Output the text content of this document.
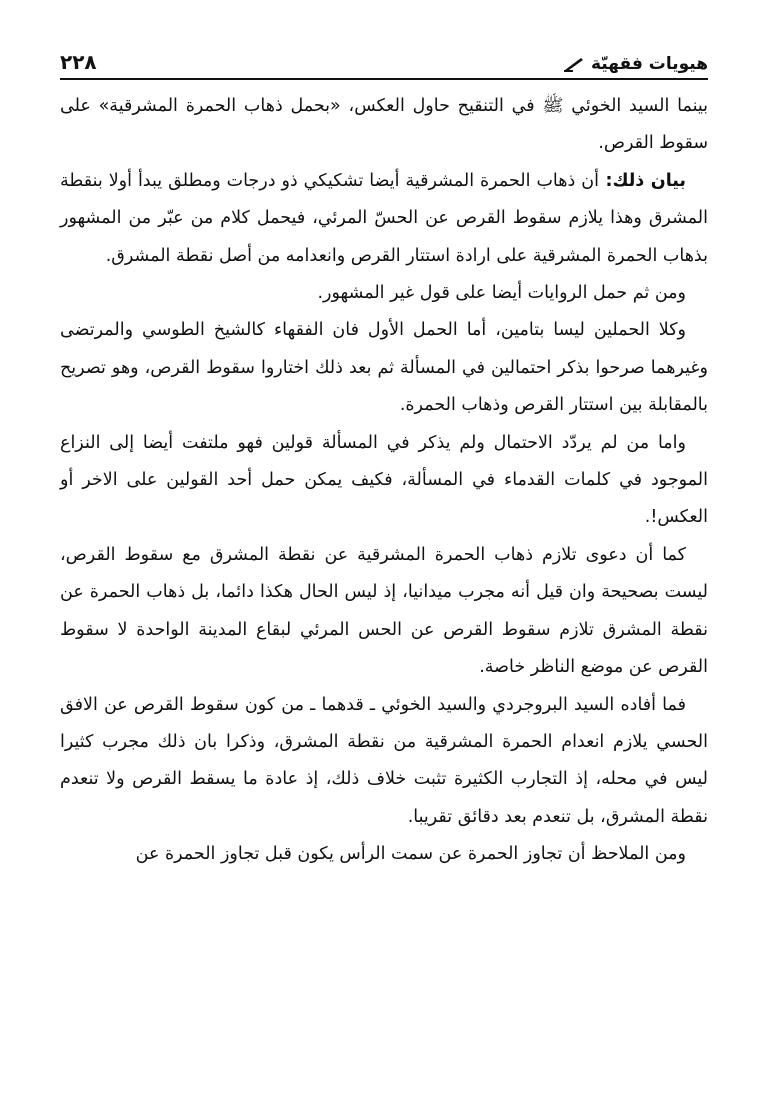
٢٢٨	هيويات فقهيّة

بينما السيد الخوئي ﷺ في التنقيح حاول العكس، «بحمل ذهاب الحمرة المشرقية» على سقوط القرص.

بيان ذلك: أن ذهاب الحمرة المشرقية أيضا تشكيكي ذو درجات ومطلق يبدأ أولا بنقطة المشرق وهذا يلازم سقوط القرص عن الحسّ المرئي، فيحمل كلام من عبّر من المشهور بذهاب الحمرة المشرقية على ارادة استتار القرص وانعدامه من أصل نقطة المشرق.

ومن ثم حمل الروايات أيضا على قول غير المشهور.

وكلا الحملين ليسا بتامين، أما الحمل الأول فان الفقهاء كالشيخ الطوسي والمرتضى وغيرهما صرحوا بذكر احتمالين في المسألة ثم بعد ذلك اختاروا سقوط القرص، وهو تصريح بالمقابلة بين استتار القرص وذهاب الحمرة.

واما من لم يردّد الاحتمال ولم يذكر في المسألة قولين فهو ملتفت أيضا إلى النزاع الموجود في كلمات القدماء في المسألة، فكيف يمكن حمل أحد القولين على الاخر أو العكس!.

كما أن دعوى تلازم ذهاب الحمرة المشرقية عن نقطة المشرق مع سقوط القرص، ليست بصحيحة وان قيل أنه مجرب ميدانيا، إذ ليس الحال هكذا دائما، بل ذهاب الحمرة عن نقطة المشرق تلازم سقوط القرص عن الحس المرئي لبقاع المدينة الواحدة لا سقوط القرص عن موضع الناظر خاصة.

فما أفاده السيد البروجردي والسيد الخوئي ـ قدهما ـ من كون سقوط القرص عن الافق الحسي يلازم انعدام الحمرة المشرقية من نقطة المشرق، وذكرا بان ذلك مجرب كثيرا ليس في محله، إذ التجارب الكثيرة تثبت خلاف ذلك، إذ عادة ما يسقط القرص ولا تنعدم نقطة المشرق، بل تنعدم بعد دقائق تقريبا.

ومن الملاحظ أن تجاوز الحمرة عن سمت الرأس يكون قبل تجاوز الحمرة عن
